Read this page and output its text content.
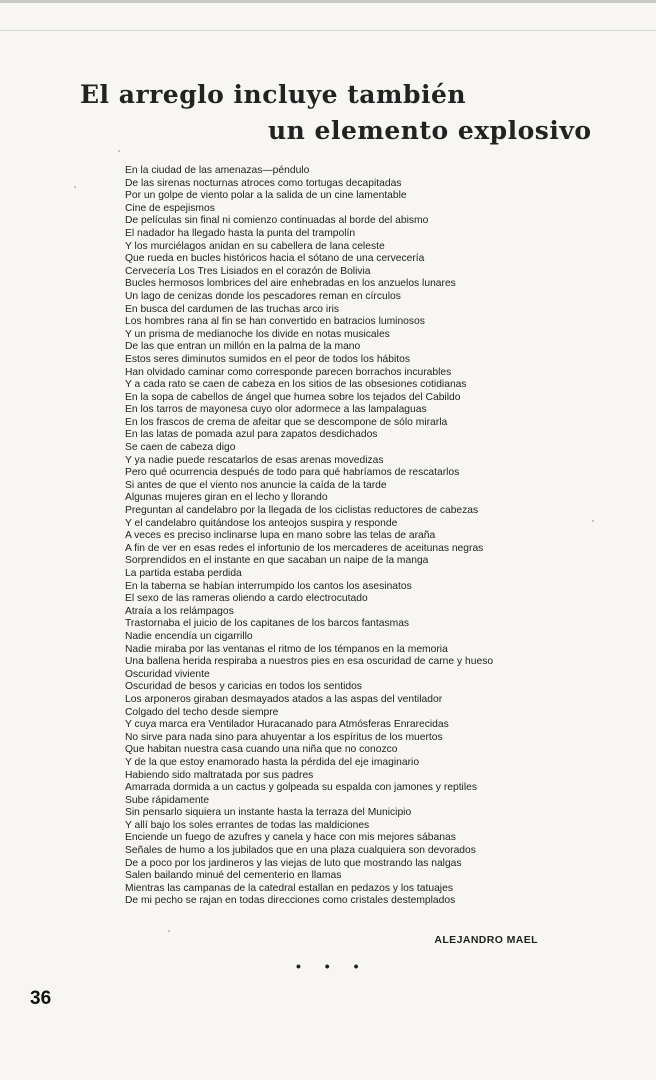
El arreglo incluye también
un elemento explosivo
En la ciudad de las amenazas—péndulo
De las sirenas nocturnas atroces como tortugas decapitadas
Por un golpe de viento polar a la salida de un cine lamentable
Cine de espejismos
De películas sin final ni comienzo continuadas al borde del abismo
El nadador ha llegado hasta la punta del trampolín
Y los murciélagos anidan en su cabellera de lana celeste
Que rueda en bucles históricos hacia el sótano de una cervecería
Cervecería Los Tres Lisiados en el corazón de Bolivia
Bucles hermosos lombrices del aire enhebradas en los anzuelos lunares
Un lago de cenizas donde los pescadores reman en círculos
En busca del cardumen de las truchas arco iris
Los hombres rana al fin se han convertido en batracios luminosos
Y un prisma de medianoche los divide en notas musicales
De las que entran un millón en la palma de la mano
Estos seres diminutos sumidos en el peor de todos los hábitos
Han olvidado caminar como corresponde parecen borrachos incurables
Y a cada rato se caen de cabeza en los sitios de las obsesiones cotidianas
En la sopa de cabellos de ángel que humea sobre los tejados del Cabildo
En los tarros de mayonesa cuyo olor adormece a las lampalaguas
En los frascos de crema de afeitar que se descompone de sólo mirarla
En las latas de pomada azul para zapatos desdichados
Se caen de cabeza digo
Y ya nadie puede rescatarlos de esas arenas movedizas
Pero qué ocurrencia después de todo para qué habríamos de rescatarlos
Si antes de que el viento nos anuncie la caída de la tarde
Algunas mujeres giran en el lecho y llorando
Preguntan al candelabro por la llegada de los ciclistas reductores de cabezas
Y el candelabro quitándose los anteojos suspira y responde
A veces es preciso inclinarse lupa en mano sobre las telas de araña
A fin de ver en esas redes el infortunio de los mercaderes de aceitunas negras
Sorprendidos en el instante en que sacaban un naipe de la manga
La partida estaba perdida
En la taberna se habían interrumpido los cantos los asesinatos
El sexo de las rameras oliendo a cardo electrocutado
Atraía a los relámpagos
Trastornaba el juicio de los capitanes de los barcos fantasmas
Nadie encendía un cigarrillo
Nadie miraba por las ventanas el ritmo de los témpanos en la memoria
Una ballena herida respiraba a nuestros pies en esa oscuridad de carne y hueso
Oscuridad viviente
Oscuridad de besos y caricias en todos los sentidos
Los arponeros giraban desmayados atados a las aspas del ventilador
Colgado del techo desde siempre
Y cuya marca era Ventilador Huracanado para Atmósferas Enrarecidas
No sirve para nada sino para ahuyentar a los espíritus de los muertos
Que habitan nuestra casa cuando una niña que no conozco
Y de la que estoy enamorado hasta la pérdida del eje imaginario
Habiendo sido maltratada por sus padres
Amarrada dormida a un cactus y golpeada su espalda con jamones y reptiles
Sube rápidamente
Sin pensarlo siquiera un instante hasta la terraza del Municipio
Y allí bajo los soles errantes de todas las maldiciones
Enciende un fuego de azufres y canela y hace con mis mejores sábanas
Señales de humo a los jubilados que en una plaza cualquiera son devorados
De a poco por los jardineros y las viejas de luto que mostrando las nalgas
Salen bailando minué del cementerio en llamas
Mientras las campanas de la catedral estallan en pedazos y los tatuajes
De mi pecho se rajan en todas direcciones como cristales destemplados
ALEJANDRO MAEL
• • •
36
